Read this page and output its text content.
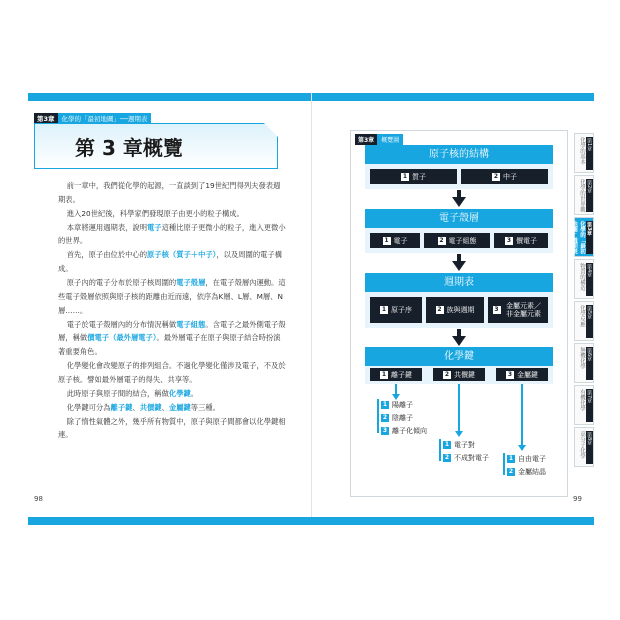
第3章	化學的「最初地圖」──週期表
第 3 章概覽

前一章中，我們從化學的起源，一直談到了19世紀門得列夫發表週期表。

進入20世紀後，科學家們發現原子由更小的粒子構成。

本章將運用週期表，說明電子這種比原子更微小的粒子，進入更微小的世界。

首先，原子由位於中心的原子核（質子＋中子），以及周圍的電子構成。

原子內的電子分布於原子核周圍的電子殼層，在電子殼層內運動。這些電子殼層依照與原子核的距離由近而遠，依序為K層、L層、M層、N層……。

電子於電子殼層內的分布情況稱做電子組態。含電子之最外側電子殼層，稱做價電子（最外層電子）。最外層電子在原子與原子結合時扮演著重要角色。

化學變化會改變原子的排列組合。不過化學變化僅涉及電子，不及於原子核。譬如最外層電子的得失、共享等。

此時原子與原子間的結合，稱做化學鍵。

化學鍵可分為離子鍵、共價鍵、金屬鍵等三種。

除了惰性氣體之外，幾乎所有物質中，原子與原子間都會以化學鍵相連。

98
第3章	概覽圖
原子核的結構
1 質子	2 中子
電子殼層
1 電子	2 電子組態	3 價電子
週期表
1 原子序	2 族與週期	3	金屬元素／非金屬元素
化學鍵
1 離子鍵	2 共價鍵	3 金屬鍵
1 陽離子
2 陰離子
3 離子化傾向
1 電子對
2 不成對電子	1 自由電子
2 金屬結晶
99
第1章
化學的基本
第2章
化學的世界觀
第3章
化學的「最初地圖」週期表
第4章
物質的構造
第5章
化學反應
第6章
無機化學
第7章
有機化學
第8章
高分子化學
